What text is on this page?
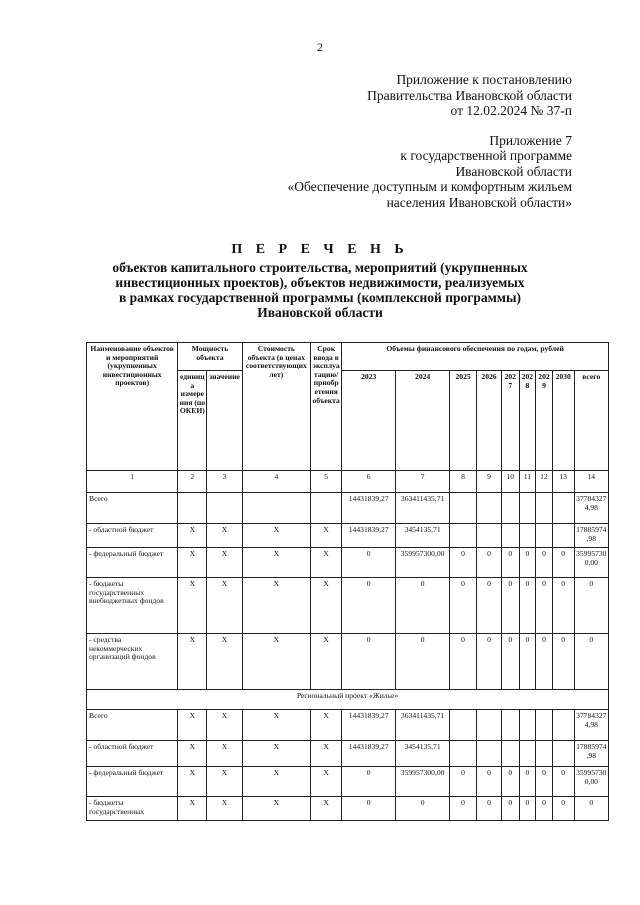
2
Приложение к постановлению
Правительства Ивановской области
от 12.02.2024 № 37-п
Приложение 7
к государственной программе
Ивановской области
«Обеспечение доступным и комфортным жильем
населения Ивановской области»
П Е Р Е Ч Е Н Ь
объектов капитального строительства, мероприятий (укрупненных
инвестиционных проектов), объектов недвижимости, реализуемых
в рамках государственной программы (комплексной программы)
Ивановской области
Наименование объектов и мероприятий (укрупненных инвестиционных проектов)	Мощность объекта		Стоимость объекта (в ценах соответствующих лет)	Срок ввода в эксплуатацию/ приобретения объекта	Объемы финансового обеспечения по годам, рублей								
	единица измерения (по ОКЕИ)	значение			2023	2024	2025	2026	2027	2028	2029	2030	всего
1	2	3	4	5	6	7	8	9	10	11	12	13	14
Всего					14431839,27	363411435,71							377843274,98
- областной бюджет	Х	Х	Х	Х	14431839,27	3454135,71							17885974,98
- федеральный бюджет	Х	Х	Х	Х	0	359957300,00	0	0	0	0	0	0	359957300,00
- бюджеты государственных внебюджетных фондов	Х	Х	Х	Х	0	0	0	0	0	0	0	0	0
- средства некоммерческих организаций фондов	Х	Х	Х	Х	0	0	0	0	0	0	0	0	0
Региональный проект «Жилье»													
Всего	Х	Х	Х	Х	14431839,27	363411435,71							377843274,98
- областной бюджет	Х	Х	Х	Х	14431839,27	3454135,71							17885974,98
- федеральный бюджет	Х	Х	Х	Х	0	359957300,00	0	0	0	0	0	0	359957300,00
- бюджеты государственных	Х	Х	Х	Х	0	0	0	0	0	0	0	0	0
